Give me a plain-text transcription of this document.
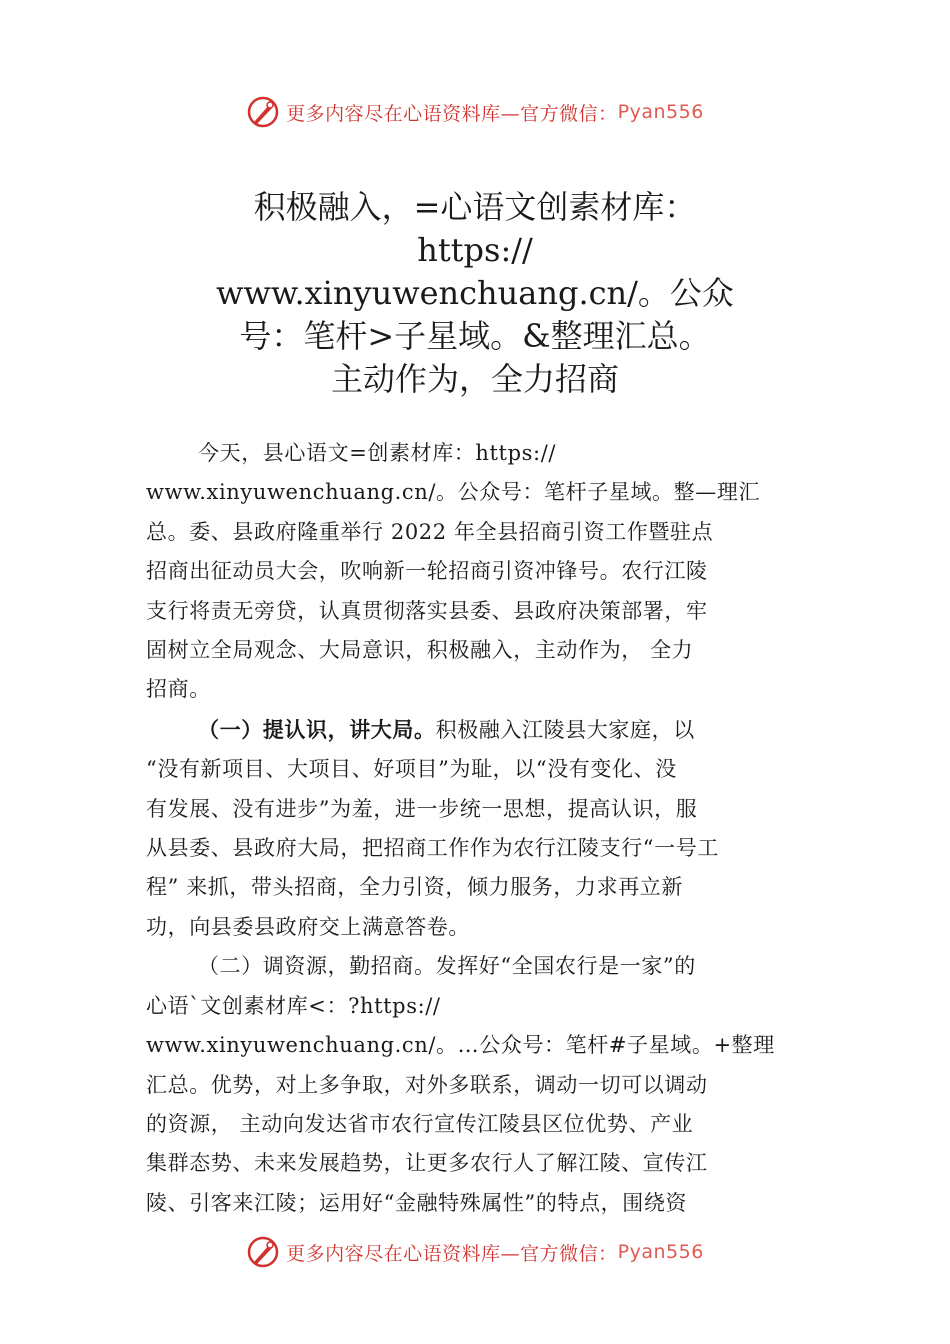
更多内容尽在心语资料库—官方微信： Pyan556
积极融入，=心语文创素材库：
https://
www.xinyuwenchuang.cn/。公众
号：笔杆>子星域。&整理汇总。
主动作为，全力招商
今天，县心语文=创素材库：https://
www.xinyuwenchuang.cn/。公众号：笔杆子星域。整—理汇
总。委、县政府隆重举行 2022 年全县招商引资工作暨驻点
招商出征动员大会，吹响新一轮招商引资冲锋号。农行江陵
支行将责无旁贷，认真贯彻落实县委、县政府决策部署，牢
固树立全局观念、大局意识，积极融入，主动作为， 全力
招商。
（一）提认识，讲大局。积极融入江陵县大家庭，以
“没有新项目、大项目、好项目”为耻，以“没有变化、没
有发展、没有进步”为羞，进一步统一思想，提高认识，服
从县委、县政府大局，把招商工作作为农行江陵支行“一号工
程” 来抓，带头招商，全力引资，倾力服务，力求再立新
功，向县委县政府交上满意答卷。
（二）调资源，勤招商。发挥好“全国农行是一家”的
心语`文创素材库<：?https://
www.xinyuwenchuang.cn/。…公众号：笔杆#子星域。+整理
汇总。优势，对上多争取，对外多联系，调动一切可以调动
的资源， 主动向发达省市农行宣传江陵县区位优势、产业
集群态势、未来发展趋势，让更多农行人了解江陵、宣传江
陵、引客来江陵；运用好“金融特殊属性”的特点，围绕资
更多内容尽在心语资料库—官方微信： Pyan556
